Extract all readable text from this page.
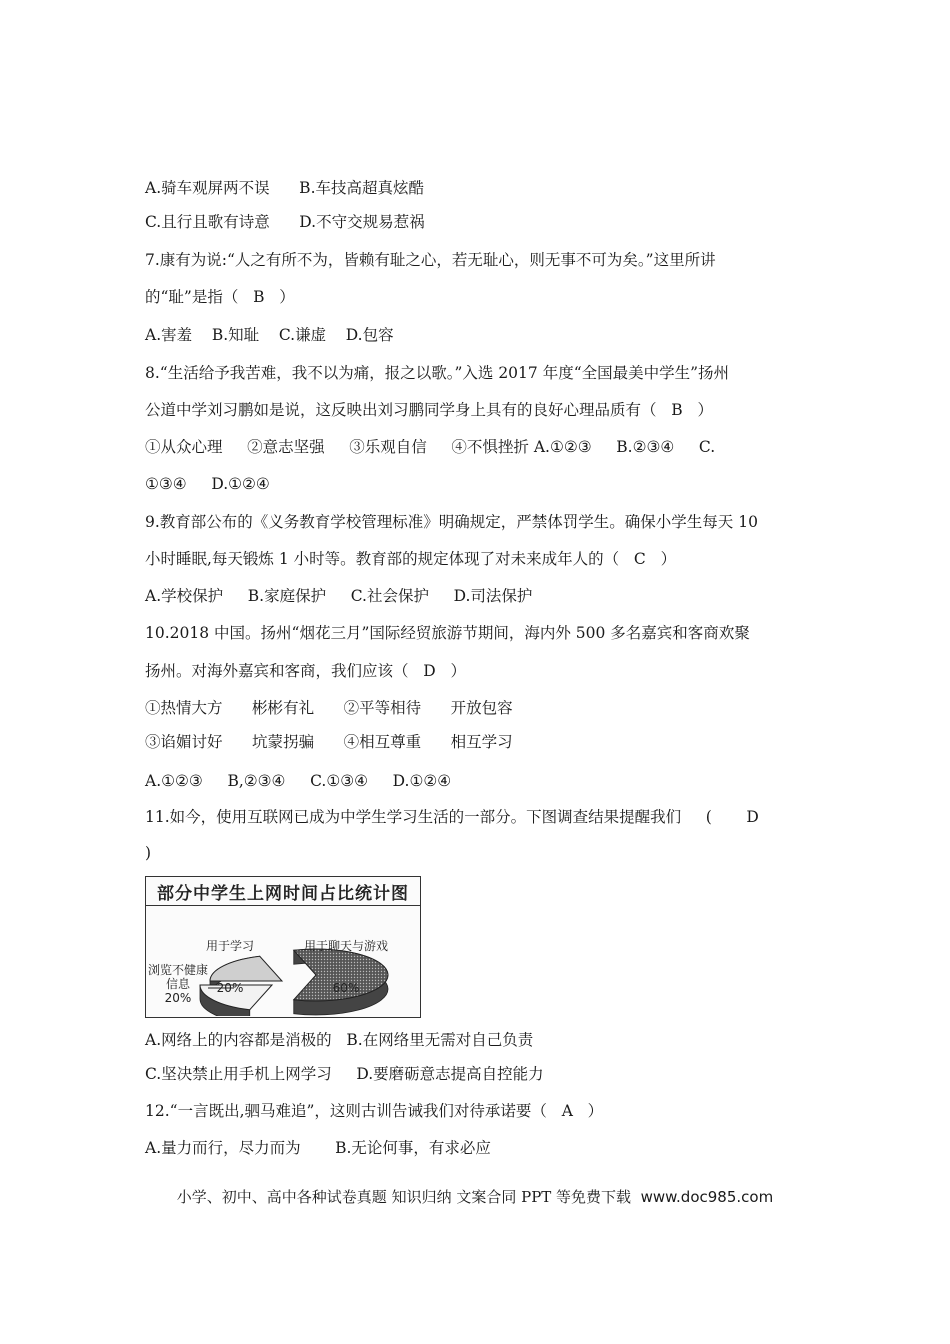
A.骑车观屏两不误      B.车技高超真炫酷
C.且行且歌有诗意      D.不守交规易惹祸
7.康有为说:“人之有所不为，皆赖有耻之心，若无耻心，则无事不可为矣。”这里所讲
的“耻”是指（   B   ）
A.害羞    B.知耻    C.谦虚    D.包容
8.“生活给予我苦难，我不以为痛，报之以歌。”入选 2017 年度“全国最美中学生”扬州
公道中学刘习鹏如是说，这反映出刘习鹏同学身上具有的良好心理品质有（   B   ）
①从众心理     ②意志坚强     ③乐观自信     ④不惧挫折 A.①②③     B.②③④     C.
①③④     D.①②④
9.教育部公布的《义务教育学校管理标准》明确规定，严禁体罚学生。确保小学生每天 10
小时睡眠,每天锻炼 1 小时等。教育部的规定体现了对未来成年人的（   C   ）
A.学校保护     B.家庭保护     C.社会保护     D.司法保护
10.2018 中国。扬州“烟花三月”国际经贸旅游节期间，海内外 500 多名嘉宾和客商欢聚
扬州。对海外嘉宾和客商，我们应该（   D   ）
①热情大方      彬彬有礼      ②平等相待      开放包容
③谄媚讨好      坑蒙拐骗      ④相互尊重      相互学习
A.①②③     B,②③④     C.①③④     D.①②④
11.如今，使用互联网已成为中学生学习生活的一部分。下图调查结果提醒我们     (       D
)
部分中学生上网时间占比统计图

用于学习

20%

用于聊天与游戏

60%

浏览不健康信息
20%
A.网络上的内容都是消极的   B.在网络里无需对自己负责
C.坚决禁止用手机上网学习     D.要磨砺意志提高自控能力
12.“一言既出,驷马难追”，这则古训告诫我们对待承诺要（   A   ）
A.量力而行，尽力而为       B.无论何事，有求必应
小学、初中、高中各种试卷真题 知识归纳 文案合同 PPT 等免费下载  www.doc985.com
